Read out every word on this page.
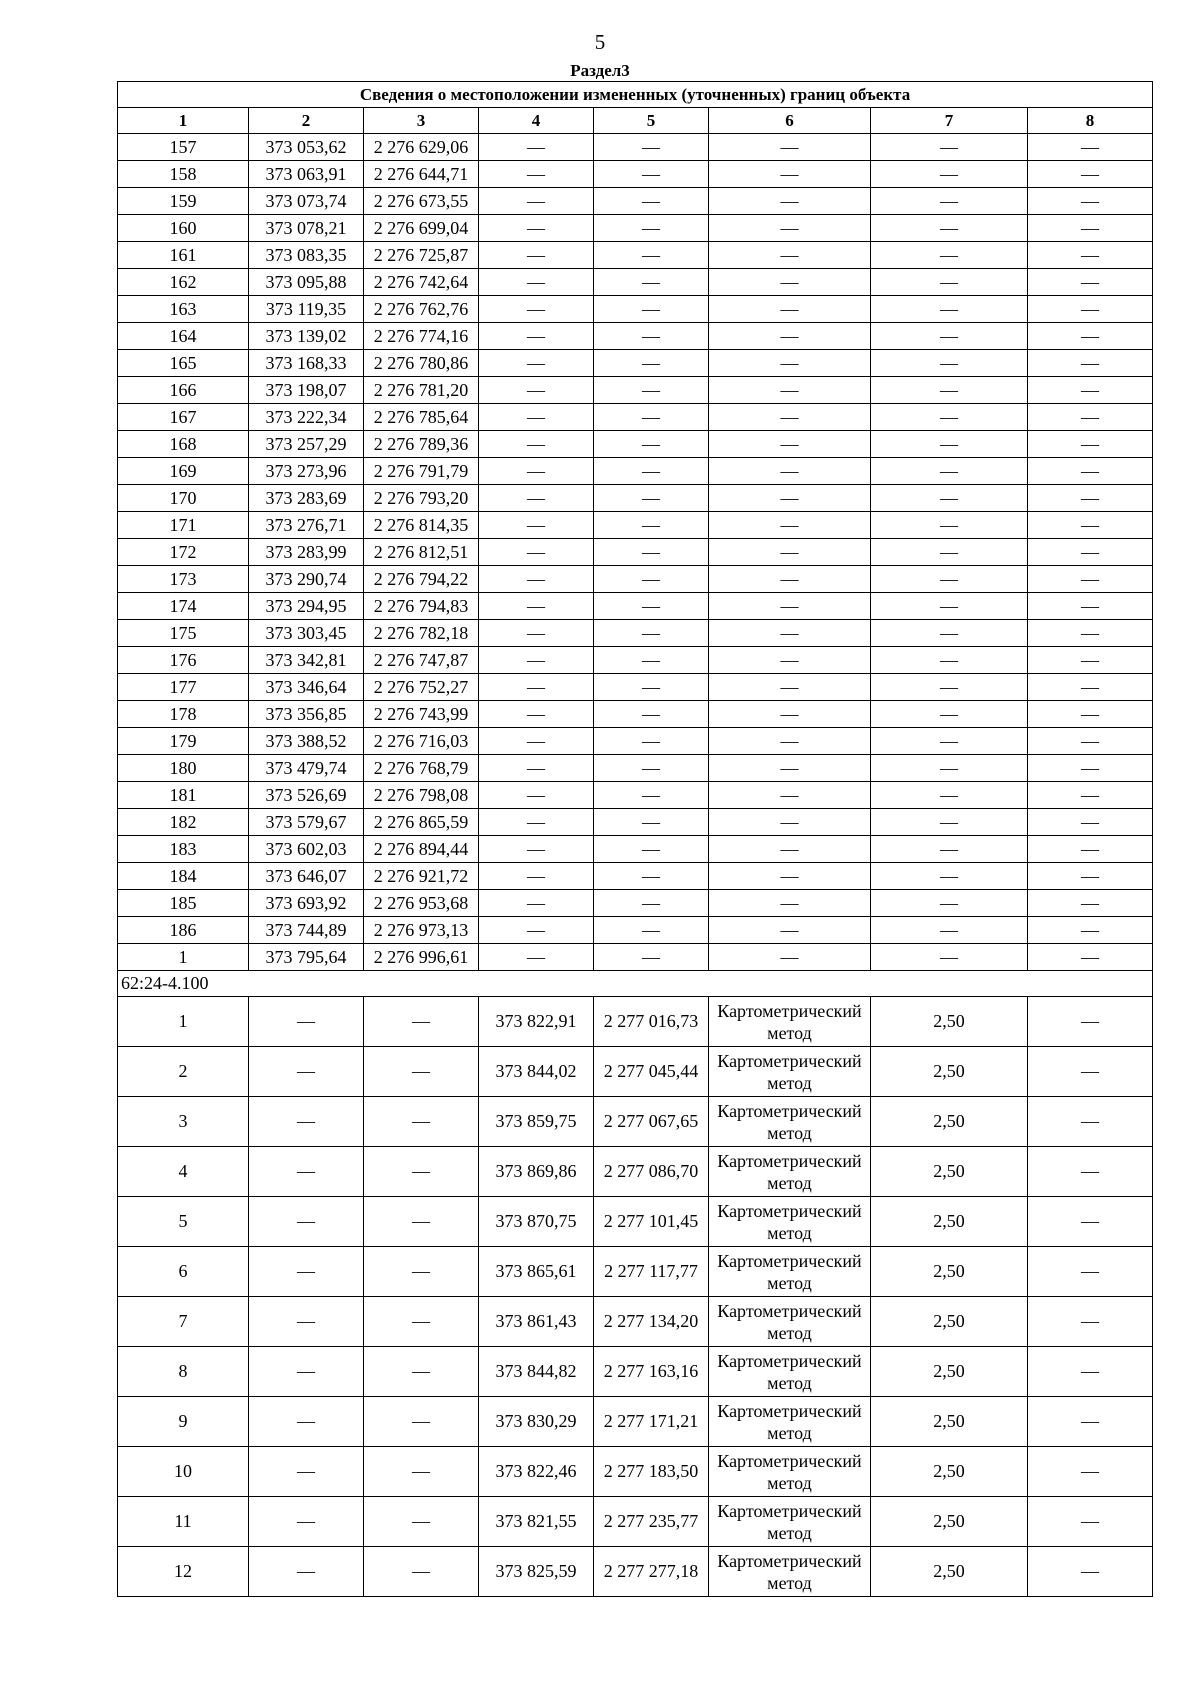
5
Раздел3
Сведения о местоположении измененных (уточненных) границ объекта							
1	2	3	4	5	6	7	8
157	373 053,62	2 276 629,06	—	—	—	—	—
158	373 063,91	2 276 644,71	—	—	—	—	—
159	373 073,74	2 276 673,55	—	—	—	—	—
160	373 078,21	2 276 699,04	—	—	—	—	—
161	373 083,35	2 276 725,87	—	—	—	—	—
162	373 095,88	2 276 742,64	—	—	—	—	—
163	373 119,35	2 276 762,76	—	—	—	—	—
164	373 139,02	2 276 774,16	—	—	—	—	—
165	373 168,33	2 276 780,86	—	—	—	—	—
166	373 198,07	2 276 781,20	—	—	—	—	—
167	373 222,34	2 276 785,64	—	—	—	—	—
168	373 257,29	2 276 789,36	—	—	—	—	—
169	373 273,96	2 276 791,79	—	—	—	—	—
170	373 283,69	2 276 793,20	—	—	—	—	—
171	373 276,71	2 276 814,35	—	—	—	—	—
172	373 283,99	2 276 812,51	—	—	—	—	—
173	373 290,74	2 276 794,22	—	—	—	—	—
174	373 294,95	2 276 794,83	—	—	—	—	—
175	373 303,45	2 276 782,18	—	—	—	—	—
176	373 342,81	2 276 747,87	—	—	—	—	—
177	373 346,64	2 276 752,27	—	—	—	—	—
178	373 356,85	2 276 743,99	—	—	—	—	—
179	373 388,52	2 276 716,03	—	—	—	—	—
180	373 479,74	2 276 768,79	—	—	—	—	—
181	373 526,69	2 276 798,08	—	—	—	—	—
182	373 579,67	2 276 865,59	—	—	—	—	—
183	373 602,03	2 276 894,44	—	—	—	—	—
184	373 646,07	2 276 921,72	—	—	—	—	—
185	373 693,92	2 276 953,68	—	—	—	—	—
186	373 744,89	2 276 973,13	—	—	—	—	—
1	373 795,64	2 276 996,61	—	—	—	—	—
62:24-4.100							
1	—	—	373 822,91	2 277 016,73	Картометрический метод	2,50	—
2	—	—	373 844,02	2 277 045,44	Картометрический метод	2,50	—
3	—	—	373 859,75	2 277 067,65	Картометрический метод	2,50	—
4	—	—	373 869,86	2 277 086,70	Картометрический метод	2,50	—
5	—	—	373 870,75	2 277 101,45	Картометрический метод	2,50	—
6	—	—	373 865,61	2 277 117,77	Картометрический метод	2,50	—
7	—	—	373 861,43	2 277 134,20	Картометрический метод	2,50	—
8	—	—	373 844,82	2 277 163,16	Картометрический метод	2,50	—
9	—	—	373 830,29	2 277 171,21	Картометрический метод	2,50	—
10	—	—	373 822,46	2 277 183,50	Картометрический метод	2,50	—
11	—	—	373 821,55	2 277 235,77	Картометрический метод	2,50	—
12	—	—	373 825,59	2 277 277,18	Картометрический метод	2,50	—
